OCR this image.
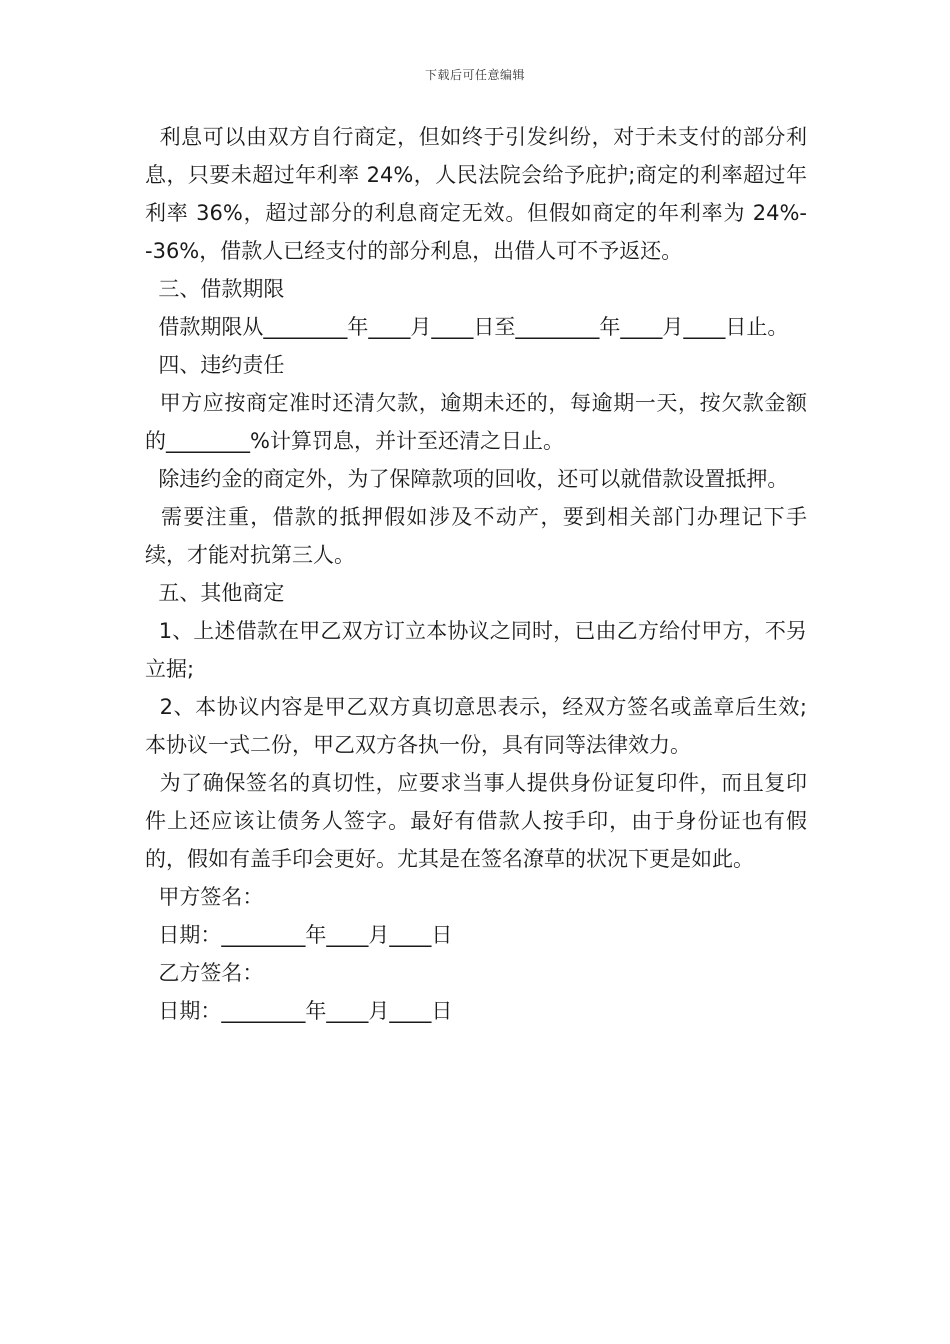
下载后可任意编辑

利息可以由双方自行商定，但如终于引发纠纷，对于未支付的部分利息，只要未超过年利率 24%，人民法院会给予庇护;商定的利率超过年利率 36%，超过部分的利息商定无效。但假如商定的年利率为 24%--36%，借款人已经支付的部分利息，出借人可不予返还。

三、借款期限

借款期限从________年____月____日至________年____月____日止。

四、违约责任

甲方应按商定准时还清欠款，逾期未还的，每逾期一天，按欠款金额的________%计算罚息，并计至还清之日止。

除违约金的商定外，为了保障款项的回收，还可以就借款设置抵押。

需要注重，借款的抵押假如涉及不动产，要到相关部门办理记下手续，才能对抗第三人。

五、其他商定

1、上述借款在甲乙双方订立本协议之同时，已由乙方给付甲方，不另立据;

2、本协议内容是甲乙双方真切意思表示，经双方签名或盖章后生效;本协议一式二份，甲乙双方各执一份，具有同等法律效力。

为了确保签名的真切性，应要求当事人提供身份证复印件，而且复印件上还应该让债务人签字。最好有借款人按手印，由于身份证也有假的，假如有盖手印会更好。尤其是在签名潦草的状况下更是如此。

甲方签名：

日期：________年____月____日

乙方签名：

日期：________年____月____日
